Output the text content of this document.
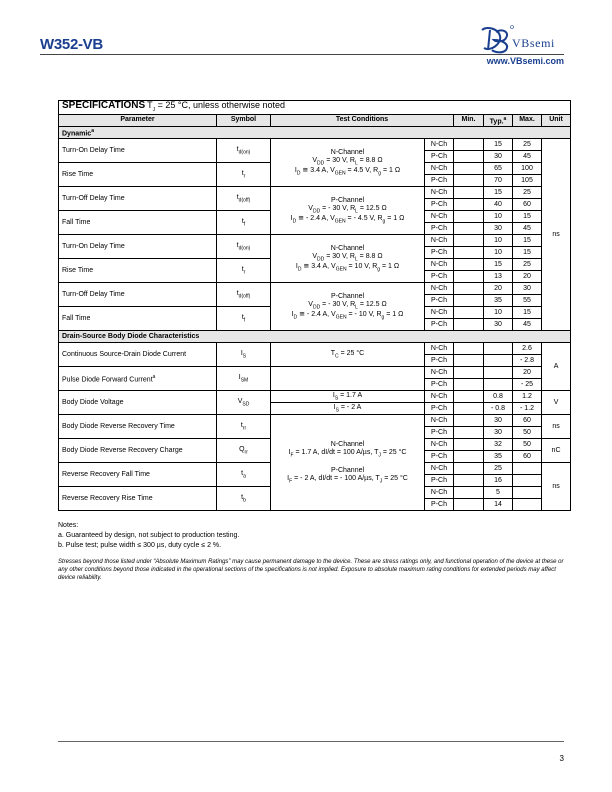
W352-VB	VBsemi
www.VBsemi.com
SPECIFICATIONS $T_J = 25$ °C, unless otherwise noted							
Parameter	Symbol	Test Conditions		Min.	Typ.$^a$	Max.	Unit
Dynamic$^a$
Turn-On Delay Time	$t_{d(on)}$	N-Channel
$V_{DD} = 30$ V, $R_L = 8.8$ Ω
$I_D$ ≅ 3.4 A, $V_{GEN} = 4.5$ V, $R_g = 1$ Ω	N-Ch		15	25	ns
			P-Ch		30	45	
Rise Time	$t_r$		N-Ch		65	100	
			P-Ch		70	105	
Turn-Off Delay Time	$t_{d(off)}$	P-Channel
$V_{DD}$ = - 30 V, $R_L = 12.5$ Ω
$I_D$ ≅ - 2.4 A, $V_{GEN}$ = - 4.5 V, $R_g = 1$ Ω	N-Ch		15	25	
			P-Ch		40	60	
Fall Time	$t_f$		N-Ch		10	15	
			P-Ch		30	45	
Turn-On Delay Time	$t_{d(on)}$	N-Channel
$V_{DD} = 30$ V, $R_L = 8.8$ Ω
$I_D$ ≅ 3.4 A, $V_{GEN} = 10$ V, $R_g = 1$ Ω	N-Ch		10	15	
			P-Ch		10	15	
Rise Time	$t_r$		N-Ch		15	25	
			P-Ch		13	20	
Turn-Off Delay Time	$t_{d(off)}$	P-Channel
$V_{DD}$ = - 30 V, $R_L = 12.5$ Ω
$I_D$ ≅ - 2.4 A, $V_{GEN}$ = - 10 V, $R_g = 1$ Ω	N-Ch		20	30	
			P-Ch		35	55	
Fall Time	$t_f$		N-Ch		10	15	
			P-Ch		30	45	
Drain-Source Body Diode Characteristics							
Continuous Source-Drain Diode Current	$I_S$	$T_C = 25$ °C	N-Ch			2.6	A
			P-Ch			- 2.8	
Pulse Diode Forward Current$^a$	$I_{SM}$		N-Ch			20	
			P-Ch			- 25	
Body Diode Voltage	$V_{SD}$	$I_S = 1.7$ A	N-Ch		0.8	1.2	V
		$I_S$ = - 2 A	P-Ch		- 0.8	- 1.2	
Body Diode Reverse Recovery Time	$t_{rr}$	N-Channel
$I_F = 1.7$ A, dI/dt = 100 A/µs, $T_J = 25$ °C

P-Channel
$I_F$ = - 2 A, dI/dt = - 100 A/µs, $T_J = 25$ °C	N-Ch		30	60	ns
			P-Ch		30	50	
Body Diode Reverse Recovery Charge	$Q_{rr}$		N-Ch		32	50	nC
			P-Ch		35	60	
Reverse Recovery Fall Time	$t_a$		N-Ch		25		ns
			P-Ch		16		
Reverse Recovery Rise Time	$t_b$		N-Ch		5		
			P-Ch		14		
Notes:
a. Guaranteed by design, not subject to production testing.
b. Pulse test; pulse width ≤ 300 µs, duty cycle ≤ 2 %.
Stresses beyond those listed under “Absolute Maximum Ratings” may cause permanent damage to the device. These are stress ratings only, and functional operation of the device at these or any other conditions beyond those indicated in the operational sections of the specifications is not implied. Exposure to absolute maximum rating conditions for extended periods may affect device reliability.
3
